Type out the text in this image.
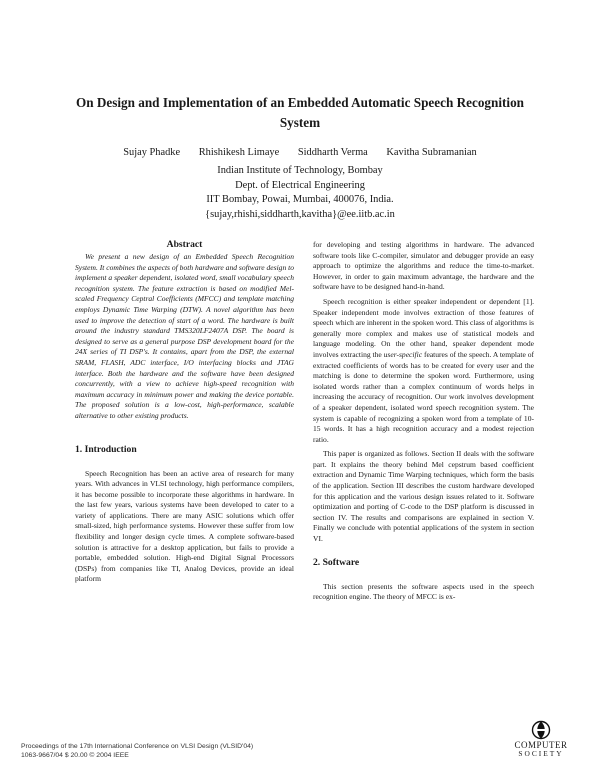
On Design and Implementation of an Embedded Automatic Speech Recognition System
Sujay Phadke Rhishikesh Limaye Siddharth Verma Kavitha Subramanian
Indian Institute of Technology, Bombay
Dept. of Electrical Engineering
IIT Bombay, Powai, Mumbai, 400076, India.
{sujay,rhishi,siddharth,kavitha}@ee.iitb.ac.in

Abstract

We present a new design of an Embedded Speech Recognition System. It combines the aspects of both hardware and software design to implement a speaker dependent, isolated word, small vocabulary speech recognition system. The feature extraction is based on modified Mel-scaled Frequency Ceptral Coefficients (MFCC) and template matching employs Dynamic Time Warping (DTW). A novel algorithm has been used to improve the detection of start of a word. The hardware is built around the industry standard TMS320LF2407A DSP. The board is designed to serve as a general purpose DSP development board for the 24X series of TI DSP's. It contains, apart from the DSP, the external SRAM, FLASH, ADC interface, I/O interfacing blocks and JTAG interface. Both the hardware and the software have been designed concurrently, with a view to achieve high-speed recognition with maximum accuracy in minimum power and making the device portable. The proposed solution is a low-cost, high-performance, scalable alternative to other existing products.

1. Introduction

Speech Recognition has been an active area of research for many years. With advances in VLSI technology, high performance compilers, it has become possible to incorporate these algorithms in hardware. In the last few years, various systems have been developed to cater to a variety of applications. There are many ASIC solutions which offer small-sized, high performance systems. However these suffer from low flexibility and longer design cycle times. A complete software-based solution is attractive for a desktop application, but fails to provide a portable, embedded solution. High-end Digital Signal Processors (DSPs) from companies like TI, Analog Devices, provide an ideal platform

for developing and testing algorithms in hardware. The advanced software tools like C-compiler, simulator and debugger provide an easy approach to optimize the algorithms and reduce the time-to-market. However, in order to gain maximum advantage, the hardware and the software have to be designed hand-in-hand.

Speech recognition is either speaker independent or dependent [1]. Speaker independent mode involves extraction of those features of speech which are inherent in the spoken word. This class of algorithms is generally more complex and makes use of statistical models and language modeling. On the other hand, speaker dependent mode involves extracting the user-specific features of the speech. A template of extracted coefficients of words has to be created for every user and the matching is done to determine the spoken word. Furthermore, using isolated words rather than a complex continuum of words helps in increasing the accuracy of recognition. Our work involves development of a speaker dependent, isolated word speech recognition system. The system is capable of recognizing a spoken word from a template of 10-15 words. It has a high recognition accuracy and a modest rejection ratio.

This paper is organized as follows. Section II deals with the software part. It explains the theory behind Mel cepstrum based coefficient extraction and Dynamic Time Warping techniques, which form the basis of the application. Section III describes the custom hardware developed for this application and the various design issues related to it. Software optimization and porting of C-code to the DSP platform is discussed in section IV. The results and comparisons are explained in section V. Finally we conclude with potential applications of the system in section VI.

2. Software

This section presents the software aspects used in the speech recognition engine. The theory of MFCC is ex-

Proceedings of the 17th International Conference on VLSI Design (VLSID'04)
1063-9667/04 $ 20.00 © 2004 IEEE
COMPUTER
SOCIETY
